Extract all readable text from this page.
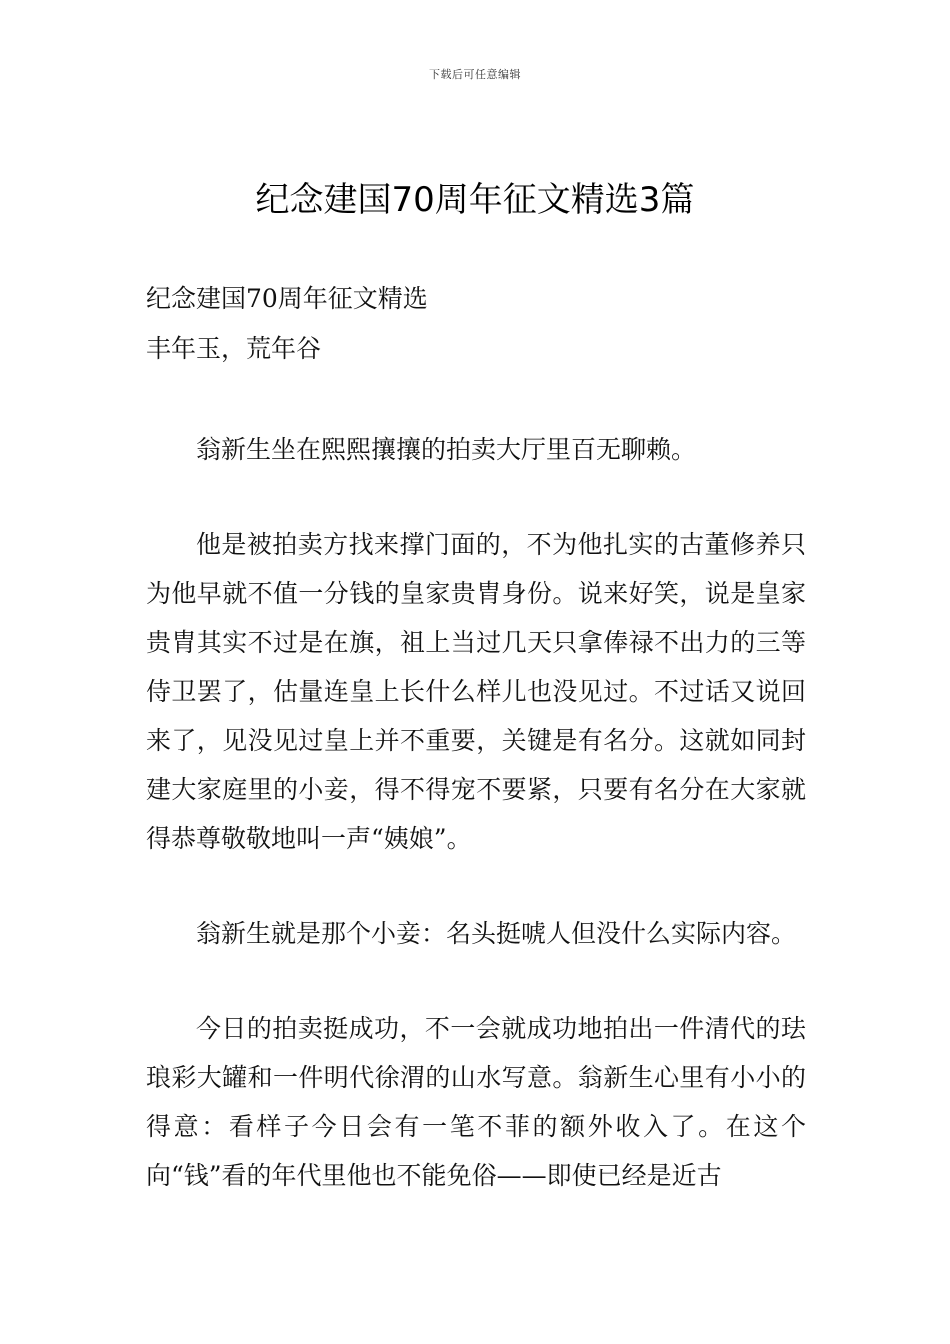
下载后可任意编辑
纪念建国70周年征文精选3篇
纪念建国70周年征文精选
丰年玉，荒年谷

翁新生坐在熙熙攘攘的拍卖大厅里百无聊赖。

他是被拍卖方找来撑门面的，不为他扎实的古董修养只为他早就不值一分钱的皇家贵胄身份。说来好笑，说是皇家贵胄其实不过是在旗，祖上当过几天只拿俸禄不出力的三等侍卫罢了，估量连皇上长什么样儿也没见过。不过话又说回来了，见没见过皇上并不重要，关键是有名分。这就如同封建大家庭里的小妾，得不得宠不要紧，只要有名分在大家就得恭尊敬敬地叫一声“姨娘”。

翁新生就是那个小妾：名头挺唬人但没什么实际内容。

今日的拍卖挺成功，不一会就成功地拍出一件清代的珐琅彩大罐和一件明代徐渭的山水写意。翁新生心里有小小的得意：看样子今日会有一笔不菲的额外收入了。在这个向“钱”看的年代里他也不能免俗——即使已经是近古
